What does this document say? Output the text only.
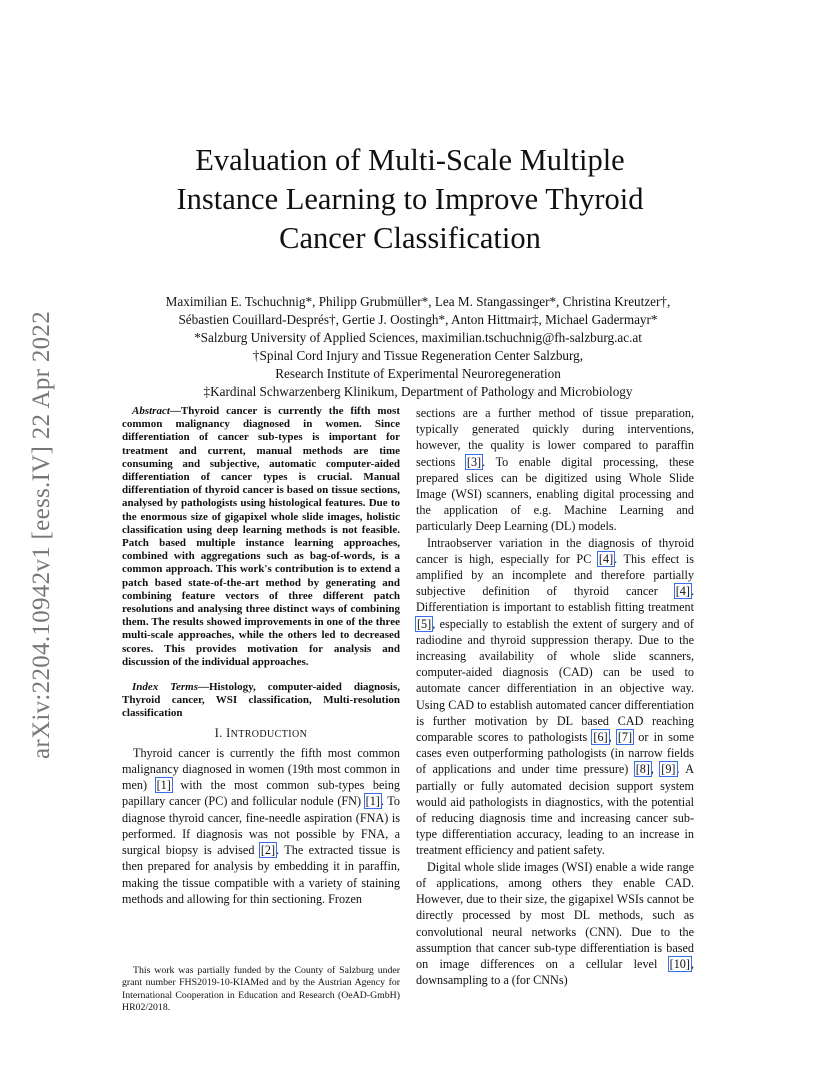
arXiv:2204.10942v1 [eess.IV] 22 Apr 2022
Evaluation of Multi-Scale Multiple
Instance Learning to Improve Thyroid
Cancer Classification
Maximilian E. Tschuchnig*, Philipp Grubmüller*, Lea M. Stangassinger*, Christina Kreutzer†,
Sébastien Couillard-Després†, Gertie J. Oostingh*, Anton Hittmair‡, Michael Gadermayr*
*Salzburg University of Applied Sciences, maximilian.tschuchnig@fh-salzburg.ac.at
†Spinal Cord Injury and Tissue Regeneration Center Salzburg,
Research Institute of Experimental Neuroregeneration
‡Kardinal Schwarzenberg Klinikum, Department of Pathology and Microbiology

Abstract—Thyroid cancer is currently the fifth most common malignancy diagnosed in women. Since differentiation of cancer sub-types is important for treatment and current, manual methods are time consuming and subjective, automatic computer-aided differentiation of cancer types is crucial. Manual differentiation of thyroid cancer is based on tissue sections, analysed by pathologists using histological features. Due to the enormous size of gigapixel whole slide images, holistic classification using deep learning methods is not feasible. Patch based multiple instance learning approaches, combined with aggregations such as bag-of-words, is a common approach. This work's contribution is to extend a patch based state-of-the-art method by generating and combining feature vectors of three different patch resolutions and analysing three distinct ways of combining them. The results showed improvements in one of the three multi-scale approaches, while the others led to decreased scores. This provides motivation for analysis and discussion of the individual approaches.

Index Terms—Histology, computer-aided diagnosis, Thyroid cancer, WSI classification, Multi-resolution classification

I. INTRODUCTION

Thyroid cancer is currently the fifth most common malignancy diagnosed in women (19th most common in men) [1] with the most common sub-types being papillary cancer (PC) and follicular nodule (FN) [1]. To diagnose thyroid cancer, fine-needle aspiration (FNA) is performed. If diagnosis was not possible by FNA, a surgical biopsy is advised [2]. The extracted tissue is then prepared for analysis by embedding it in paraffin, making the tissue compatible with a variety of staining methods and allowing for thin sectioning. Frozen

This work was partially funded by the County of Salzburg under grant number FHS2019-10-KIAMed and by the Austrian Agency for International Cooperation in Education and Research (OeAD-GmbH) HR02/2018.

sections are a further method of tissue preparation, typically generated quickly during interventions, however, the quality is lower compared to paraffin sections [3]. To enable digital processing, these prepared slices can be digitized using Whole Slide Image (WSI) scanners, enabling digital processing and the application of e.g. Machine Learning and particularly Deep Learning (DL) models.

Intraobserver variation in the diagnosis of thyroid cancer is high, especially for PC [4]. This effect is amplified by an incomplete and therefore partially subjective definition of thyroid cancer [4]. Differentiation is important to establish fitting treatment [5], especially to establish the extent of surgery and of radiodine and thyroid suppression therapy. Due to the increasing availability of whole slide scanners, computer-aided diagnosis (CAD) can be used to automate cancer differentiation in an objective way. Using CAD to establish automated cancer differentiation is further motivation by DL based CAD reaching comparable scores to pathologists [6], [7] or in some cases even outperforming pathologists (in narrow fields of applications and under time pressure) [8], [9]. A partially or fully automated decision support system would aid pathologists in diagnostics, with the potential of reducing diagnosis time and increasing cancer sub-type differentiation accuracy, leading to an increase in treatment efficiency and patient safety.

Digital whole slide images (WSI) enable a wide range of applications, among others they enable CAD. However, due to their size, the gigapixel WSIs cannot be directly processed by most DL methods, such as convolutional neural networks (CNN). Due to the assumption that cancer sub-type differentiation is based on image differences on a cellular level [10], downsampling to a (for CNNs)
